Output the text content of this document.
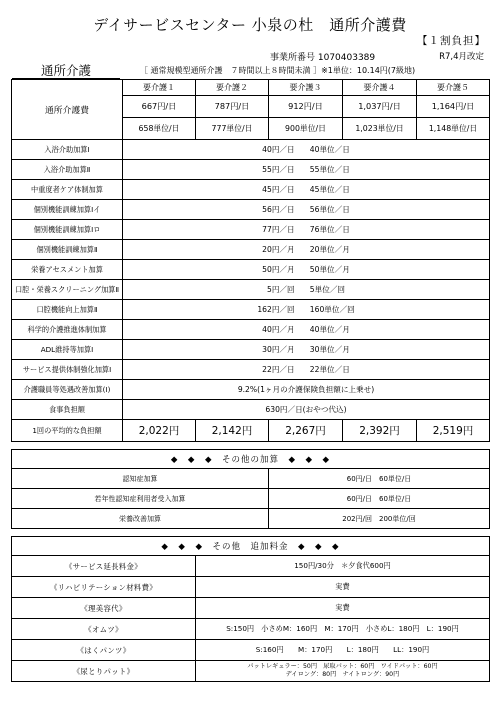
デイサービスセンター 小泉の杜　通所介護費
【１割負担】
事業所番号 1070403389	R7,4月改定
通所介護	［ 通常規模型通所介護　７時間以上８時間未満 ］※1単位：10.14円(7級地)
通所介護費	要介護１	要介護２	要介護３	要介護４	要介護５
	667円/日	787円/日	912円/日	1,037円/日	1,164円/日
	658単位/日	777単位/日	900単位/日	1,023単位/日	1,148単位/日
入浴介助加算Ⅰ	40円／日　　 40単位／日				
入浴介助加算Ⅱ	55円／日　　 55単位／日				
中重度者ケア体制加算	45円／日　　 45単位／日				
個別機能訓練加算Ⅰイ	56円／日　　 56単位／日				
個別機能訓練加算Ⅰロ	77円／日　　 76単位／日				
個別機能訓練加算Ⅱ	20円／月　　 20単位／月				
栄養アセスメント加算	50円／月　　 50単位／月				
口腔・栄養スクリーニング加算Ⅱ	5円／回　　 5単位／回				
口腔機能向上加算Ⅱ	162円／回　　 160単位／回				
科学的介護推進体制加算	40円／月　　 40単位／月				
ADL維持等加算Ⅰ	30円／月　　 30単位／月				
サービス提供体制強化加算Ⅰ	22円／日　　 22単位／日				
介護職員等処遇改善加算(Ⅰ)	9.2%(1ヶ月の介護保険負担額に上乗せ)				
食事負担額	630円／日(おやつ代込)				
1回の平均的な負担額	2,022円	2,142円	2,267円	2,392円	2,519円

◆　◆　◆　その他の加算　◆　◆　◆					
認知症加算			60円/日　 60単位/日		
若年性認知症利用者受入加算			60円/日　 60単位/日		
栄養改善加算			202円/回　 200単位/回		

◆　◆　◆　その他　追加料金　◆　◆　◆					
《サービス延長料金》		150円/30分　＊夕食代600円			
《リハビリテーション材料費》		実費			
《理美容代》		実費			
《オムツ》		S:150円　小さめM：160円　M：170円　小さめL：180円　L：190円			
《はくパンツ》		S:160円　　M：170円　　L：180円　　LL：190円			
《尿とりパット》		パットレギュラー：50円　尿取パット：60円　ワイドパット：60円
デイロング：80円　ナイトロング：90円			
